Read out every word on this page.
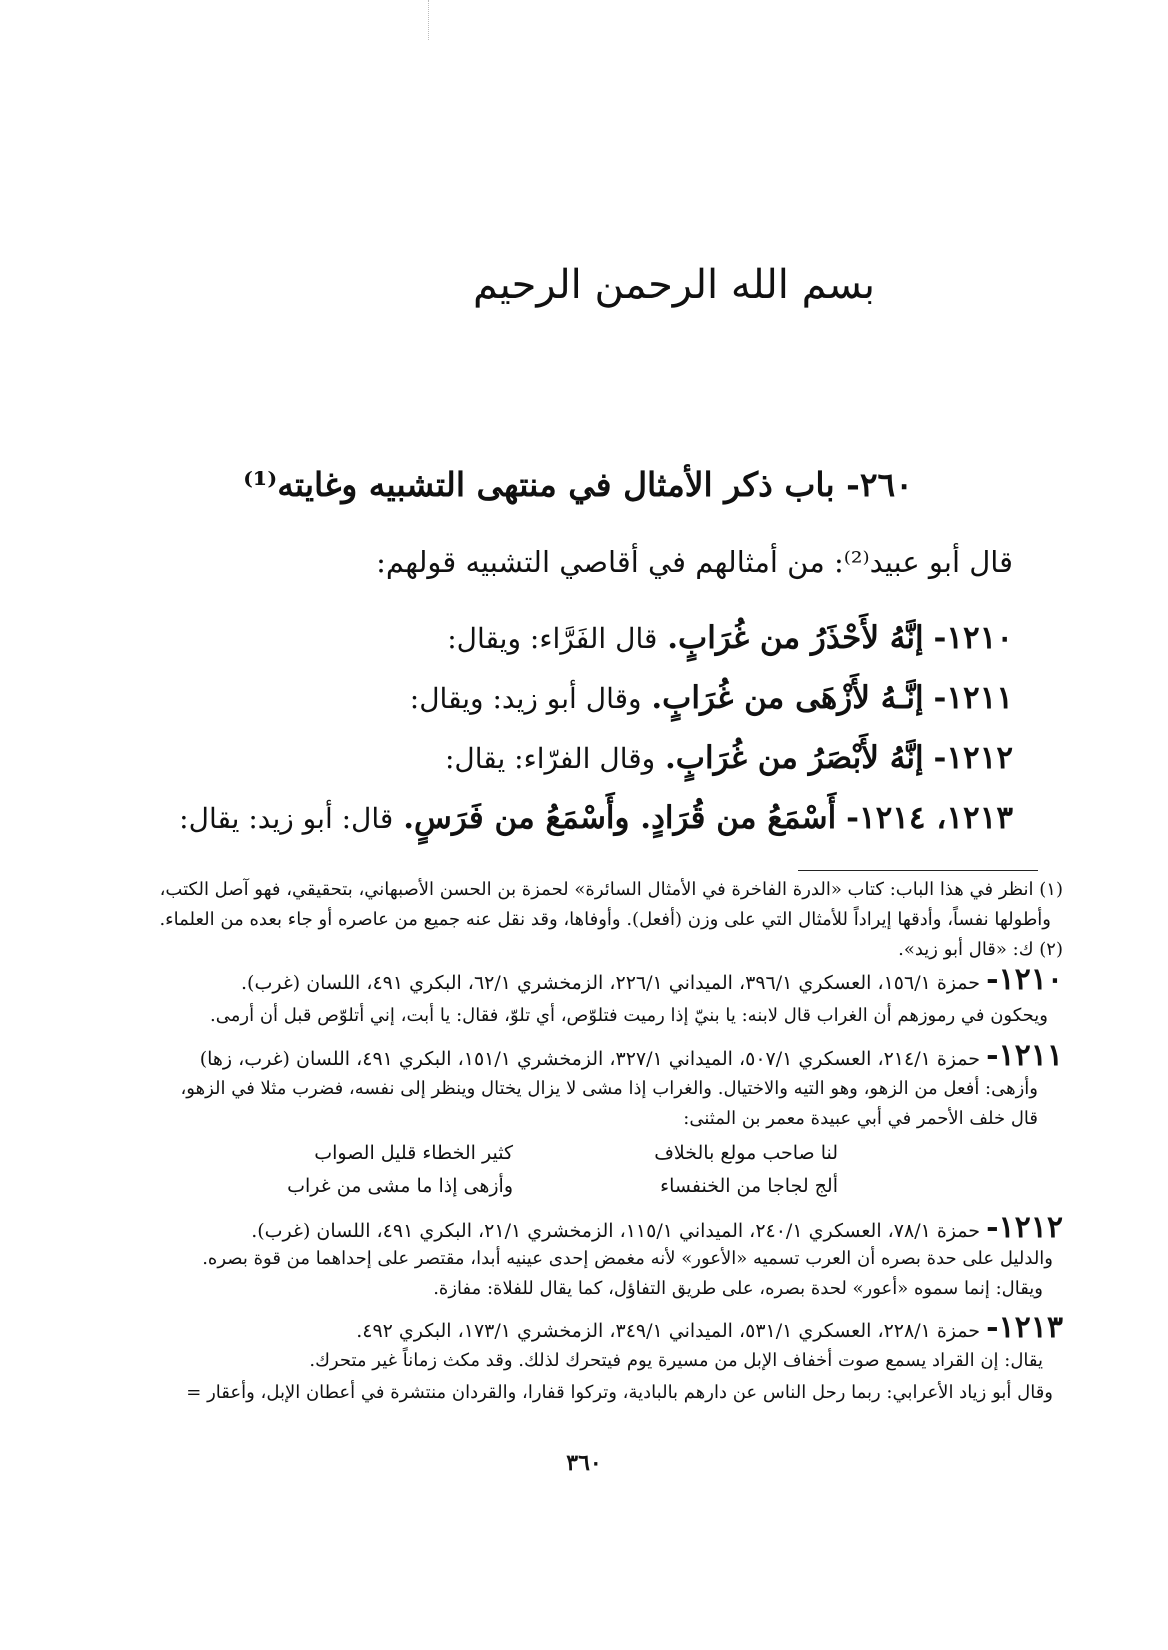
بسم الله الرحمن الرحيم
٢٦٠- باب ذكر الأمثال في منتهى التشبيه وغايته⁽¹⁾
قال أبو عبيد⁽²⁾: من أمثالهم في أقاصي التشبيه قولهم:
١٢١٠- إنَّهُ لأَحْذَرُ من غُرَابٍ. قال الفَرَّاء: ويقال:
١٢١١- إنَّـهُ لأَزْهَى من غُرَابٍ. وقال أبو زيد: ويقال:
١٢١٢- إنَّهُ لأَبْصَرُ من غُرَابٍ. وقال الفرّاء: يقال:
١٢١٣، ١٢١٤- أَسْمَعُ من قُرَادٍ. وأَسْمَعُ من فَرَسٍ. قال: أبو زيد: يقال:
(١) انظر في هذا الباب: كتاب «الدرة الفاخرة في الأمثال السائرة» لحمزة بن الحسن الأصبهاني، بتحقيقي، فهو آصل الكتب،
وأطولها نفساً، وأدقها إيراداً للأمثال التي على وزن (أفعل). وأوفاها، وقد نقل عنه جميع من عاصره أو جاء بعده من العلماء.
(٢) ك: «قال أبو زيد».
١٢١٠- حمزة ١٥٦/١، العسكري ٣٩٦/١، الميداني ٢٢٦/١، الزمخشري ٦٢/١، البكري ٤٩١، اللسان (غرب).
ويحكون في رموزهم أن الغراب قال لابنه: يا بنيّ إذا رميت فتلوّص، أي تلوّ، فقال: يا أبت، إني أتلوّص قبل أن أرمى.
١٢١١- حمزة ٢١٤/١، العسكري ٥٠٧/١، الميداني ٣٢٧/١، الزمخشري ١٥١/١، البكري ٤٩١، اللسان (غرب، زها)
وأزهى: أفعل من الزهو، وهو التيه والاختيال. والغراب إذا مشى لا يزال يختال وينظر إلى نفسه، فضرب مثلا في الزهو،
قال خلف الأحمر في أبي عبيدة معمر بن المثنى:
لنا صاحب مولع بالخلاف
كثير الخطاء قليل الصواب
ألج لجاجا من الخنفساء
وأزهى إذا ما مشى من غراب
١٢١٢- حمزة ٧٨/١، العسكري ٢٤٠/١، الميداني ١١٥/١، الزمخشري ٢١/١، البكري ٤٩١، اللسان (غرب).
والدليل على حدة بصره أن العرب تسميه «الأعور» لأنه مغمض إحدى عينيه أبدا، مقتصر على إحداهما من قوة بصره.
ويقال: إنما سموه «أعور» لحدة بصره، على طريق التفاؤل، كما يقال للفلاة: مفازة.
١٢١٣- حمزة ٢٢٨/١، العسكري ٥٣١/١، الميداني ٣٤٩/١، الزمخشري ١٧٣/١، البكري ٤٩٢.
يقال: إن القراد يسمع صوت أخفاف الإبل من مسيرة يوم فيتحرك لذلك. وقد مكث زماناً غير متحرك.
وقال أبو زياد الأعرابي: ربما رحل الناس عن دارهم بالبادية، وتركوا قفارا، والقردان منتشرة في أعطان الإبل، وأعقار =
٣٦٠
